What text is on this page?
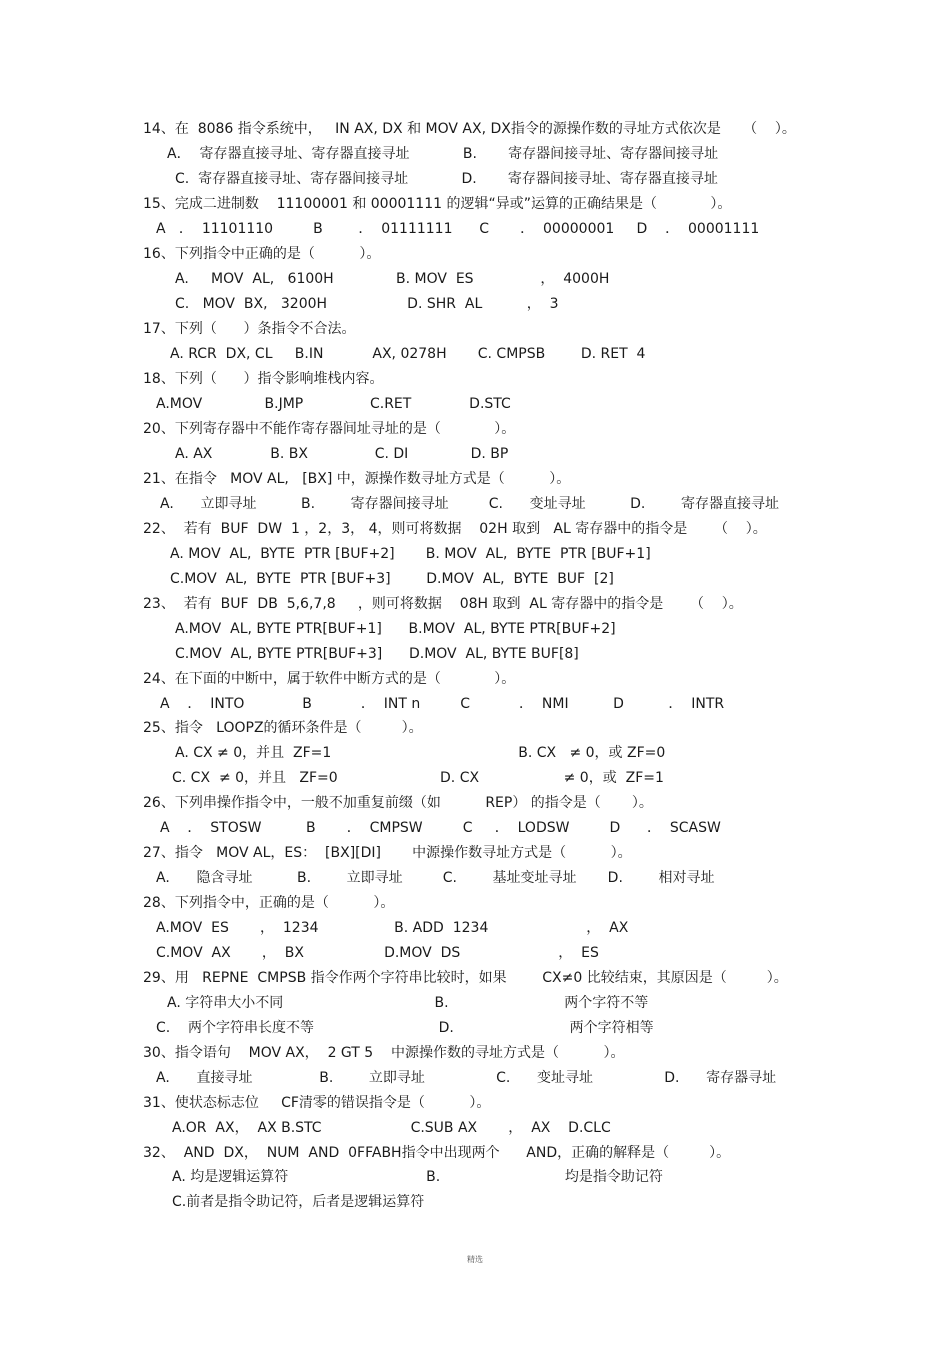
14、在  8086 指令系统中，   IN AX, DX 和 MOV AX, DX指令的源操作数的寻址方式依次是     （    ）。
A．  寄存器直接寻址、寄存器直接寻址            B.       寄存器间接寻址、寄存器间接寻址
C.  寄存器直接寻址、寄存器间接寻址            D.       寄存器间接寻址、寄存器直接寻址
15、完成二进制数    11100001 和 00001111 的逻辑“异或”运算的正确结果是（            ）。
A   ．  11101110         B        ．  01111111      C       ．  00000001     D    ．  00001111
16、下列指令中正确的是（          ）。
A.     MOV  AL,   6100H              B. MOV  ES               ，  4000H
C.   MOV  BX,   3200H                  D. SHR  AL          ，  3
17、下列（      ）条指令不合法。
A. RCR  DX, CL     B.IN           AX, 0278H       C. CMPSB        D. RET  4
18、下列（      ）指令影响堆栈内容。
A.MOV              B.JMP               C.RET             D.STC
20、下列寄存器中不能作寄存器间址寻址的是（            ）。
A. AX             B. BX               C. DI              D. BP
21、在指令   MOV AL,   [BX] 中，源操作数寻址方式是（          ）。
A.      立即寻址          B.        寄存器间接寻址         C.      变址寻址          D.        寄存器直接寻址
22、  若有  BUF  DW  1 ，2，3， 4，则可将数据    02H 取到   AL 寄存器中的指令是      （    ）。
A. MOV  AL,  BYTE  PTR [BUF+2]       B. MOV  AL,  BYTE  PTR [BUF+1]
C.MOV  AL,  BYTE  PTR [BUF+3]        D.MOV  AL,  BYTE  BUF  [2]
23、  若有  BUF  DB  5,6,7,8     ，则可将数据    08H 取到  AL 寄存器中的指令是      （    ）。
A.MOV  AL, BYTE PTR[BUF+1]      B.MOV  AL, BYTE PTR[BUF+2]
C.MOV  AL, BYTE PTR[BUF+3]      D.MOV  AL, BYTE BUF[8]
24、在下面的中断中，属于软件中断方式的是（            ）。
A    ．  INTO             B           ．  INT n         C           ．  NMI          D          ．  INTR
25、指令   LOOPZ的循环条件是（         ）。
A. CX ≠ 0，并且  ZF=1                                          B. CX   ≠ 0，或 ZF=0
C. CX  ≠ 0，并且   ZF=0                       D. CX                   ≠ 0，或  ZF=1
26、下列串操作指令中，一般不加重复前缀（如          REP） 的指令是（       ）。
A    ．  STOSW          B       ．  CMPSW         C     ．  LODSW         D      ．  SCASW
27、指令   MOV AL，ES：  [BX][DI]       中源操作数寻址方式是（          ）。
A.      隐含寻址          B.        立即寻址         C.        基址变址寻址       D.        相对寻址
28、下列指令中，正确的是（          ）。
A.MOV  ES       ，  1234                 B. ADD  1234                      ，  AX
C.MOV  AX       ，  BX                  D.MOV  DS                      ，  ES
29、用   REPNE  CMPSB 指令作两个字符串比较时，如果        CX≠0 比较结束，其原因是（         ）。
A. 字符串大小不同                                  B.                          两个字符不等
C.    两个字符串长度不等                            D.                          两个字符相等
30、指令语句    MOV AX，  2 GT 5    中源操作数的寻址方式是（          ）。
A.      直接寻址               B.        立即寻址                C.      变址寻址                D.      寄存器寻址
31、使状态标志位     CF清零的错误指令是（          ）。
A.OR  AX，  AX B.STC                    C.SUB AX       ，  AX    D.CLC
32、  AND  DX，  NUM  AND  0FFABH指令中出现两个      AND，正确的解释是（         ）。
A. 均是逻辑运算符                               B.                            均是指令助记符
C.前者是指令助记符，后者是逻辑运算符
精选
